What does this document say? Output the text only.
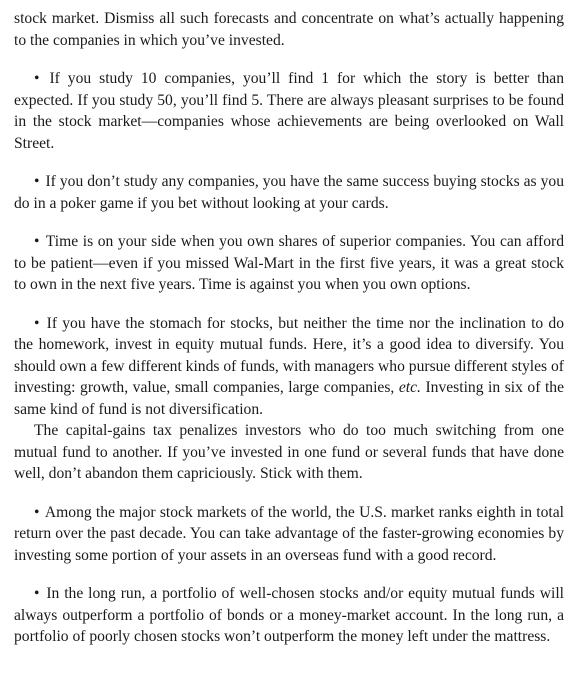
stock market. Dismiss all such forecasts and concentrate on what’s actually happening to the companies in which you’ve invested.

• If you study 10 companies, you’ll find 1 for which the story is better than expected. If you study 50, you’ll find 5. There are always pleasant surprises to be found in the stock market—companies whose achievements are being overlooked on Wall Street.

• If you don’t study any companies, you have the same success buying stocks as you do in a poker game if you bet without looking at your cards.

• Time is on your side when you own shares of superior companies. You can afford to be patient—even if you missed Wal-Mart in the first five years, it was a great stock to own in the next five years. Time is against you when you own options.

• If you have the stomach for stocks, but neither the time nor the inclination to do the homework, invest in equity mutual funds. Here, it’s a good idea to diversify. You should own a few different kinds of funds, with managers who pursue different styles of investing: growth, value, small companies, large companies, etc. Investing in six of the same kind of fund is not diversification.

The capital-gains tax penalizes investors who do too much switching from one mutual fund to another. If you’ve invested in one fund or several funds that have done well, don’t abandon them capriciously. Stick with them.

• Among the major stock markets of the world, the U.S. market ranks eighth in total return over the past decade. You can take advantage of the faster-growing economies by investing some portion of your assets in an overseas fund with a good record.

• In the long run, a portfolio of well-chosen stocks and/or equity mutual funds will always outperform a portfolio of bonds or a money-market account. In the long run, a portfolio of poorly chosen stocks won’t outperform the money left under the mattress.
